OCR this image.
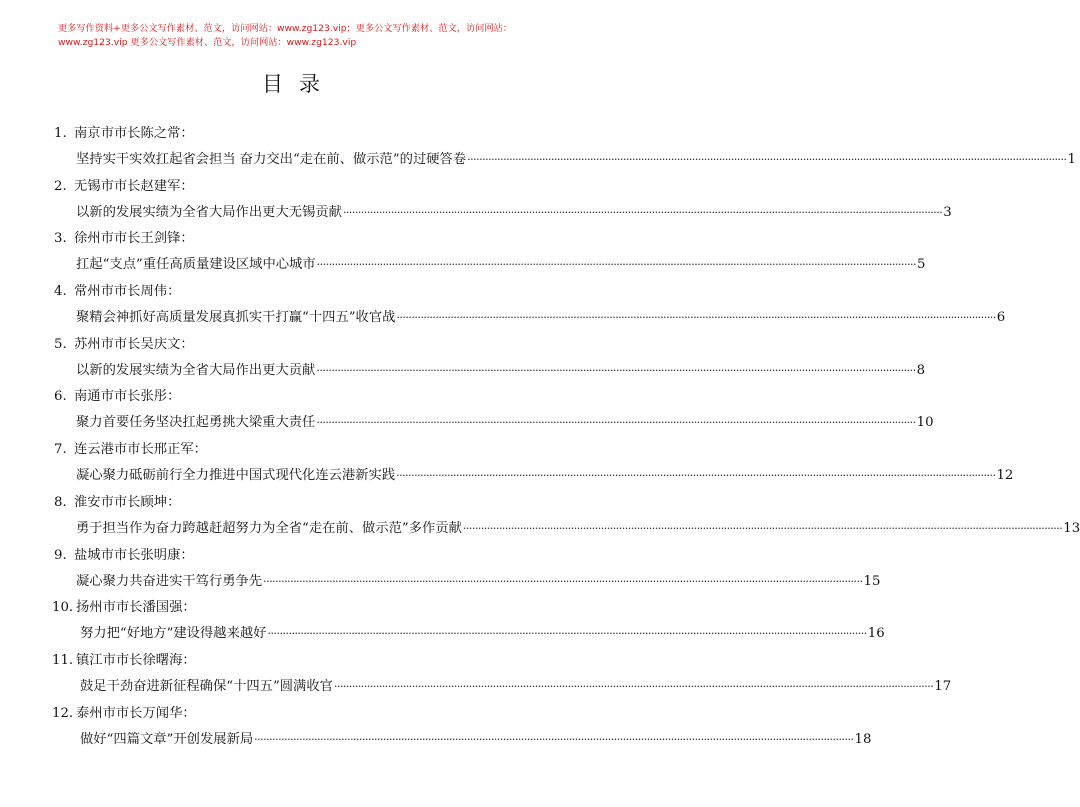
更多写作资料+更多公文写作素材、范文，访问网站：www.zg123.vip；更多公文写作素材、范文，访问网站：
www.zg123.vip 更多公文写作素材、范文，访问网站：www.zg123.vip
目录
1. 南京市市长陈之常：
坚持实干实效扛起省会担当 奋力交出“走在前、做示范”的过硬答卷 ········································································································································································································ 1
2. 无锡市市长赵建军：
以新的发展实绩为全省大局作出更大无锡贡献 ········································································································································································································ 3
3. 徐州市市长王剑锋：
扛起“支点”重任高质量建设区域中心城市 ········································································································································································································ 5
4. 常州市市长周伟：
聚精会神抓好高质量发展真抓实干打赢“十四五”收官战 ········································································································································································································ 6
5. 苏州市市长吴庆文：
以新的发展实绩为全省大局作出更大贡献 ········································································································································································································ 8
6. 南通市市长张彤：
聚力首要任务坚决扛起勇挑大梁重大责任 ········································································································································································································ 10
7. 连云港市市长邢正军：
凝心聚力砥砺前行全力推进中国式现代化连云港新实践 ········································································································································································································ 12
8. 淮安市市长顾坤：
勇于担当作为奋力跨越赶超努力为全省“走在前、做示范”多作贡献 ········································································································································································································ 13
9. 盐城市市长张明康：
凝心聚力共奋进实干笃行勇争先 ········································································································································································································ 15
10. 扬州市市长潘国强：
努力把“好地方”建设得越来越好 ········································································································································································································ 16
11. 镇江市市长徐曙海：
鼓足干劲奋进新征程确保“十四五”圆满收官 ········································································································································································································ 17
12. 泰州市市长万闻华：
做好“四篇文章”开创发展新局 ········································································································································································································ 18
